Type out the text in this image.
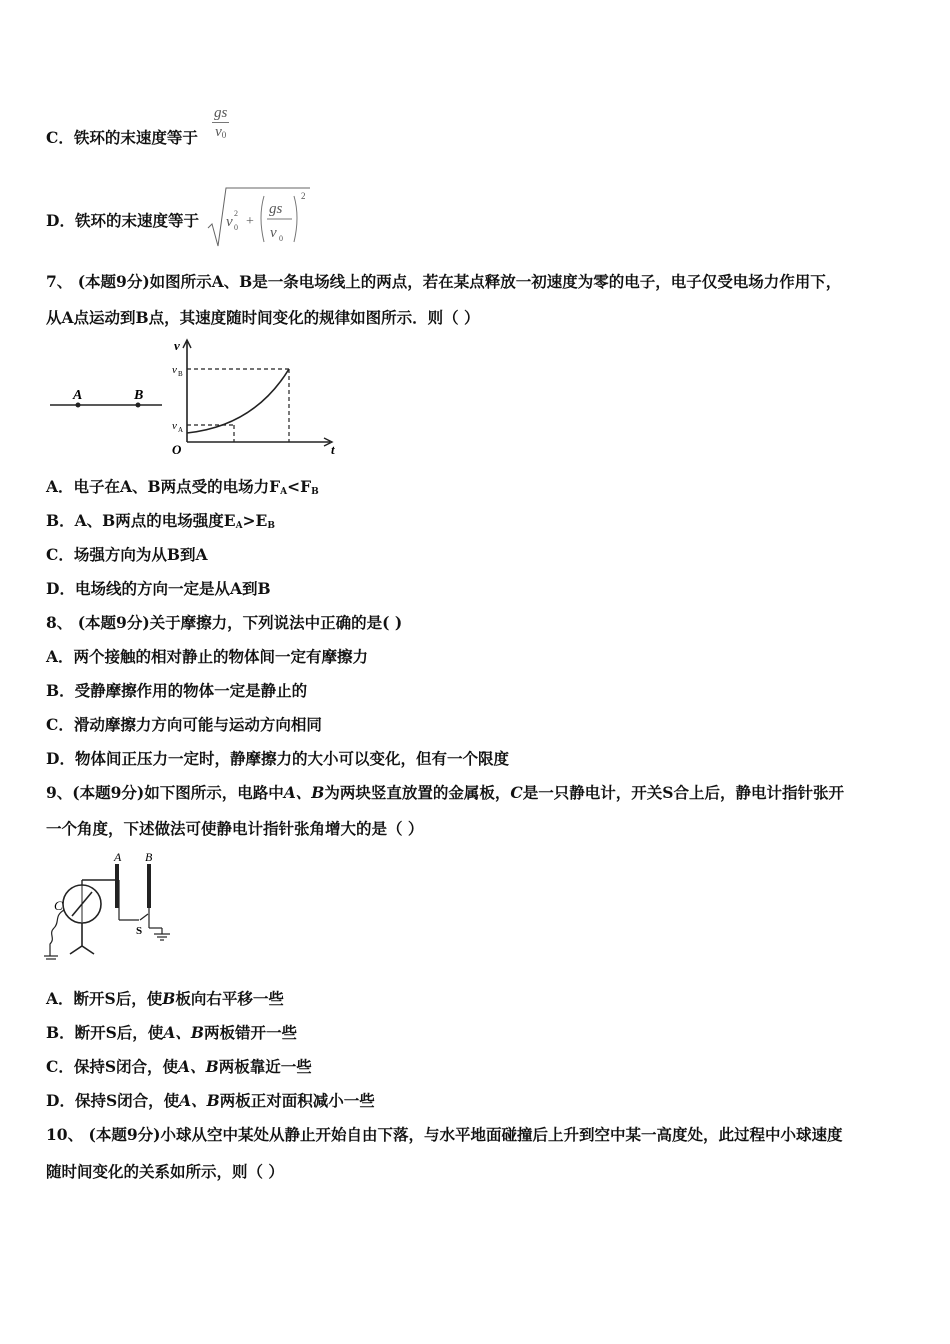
C．铁环的末速度等于 $\frac{gs}{v_0}$
D．铁环的末速度等于 v
2
0 +
gs
v 0
2
7、 (本题9分)如图所示A、B是一条电场线上的两点，若在某点释放一初速度为零的电子，电子仅受电场力作用下，
从A点运动到B点，其速度随时间变化的规律如图所示．则（ ）
A	B
v
t
O
v B
v A
A．电子在A、B两点受的电场力$F_A<F_B$
B．A、B两点的电场强度$E_A>E_B$
C．场强方向为从B到A
D．电场线的方向一定是从A到B
8、 (本题9分)关于摩擦力，下列说法中正确的是( )
A．两个接触的相对静止的物体间一定有摩擦力
B．受静摩擦作用的物体一定是静止的
C．滑动摩擦力方向可能与运动方向相同
D．物体间正压力一定时，静摩擦力的大小可以变化，但有一个限度
9、(本题9分)如下图所示，电路中A、B为两块竖直放置的金属板，C是一只静电计，开关S合上后，静电计指针张开
一个角度，下述做法可使静电计指针张角增大的是（ ）
A B
C
S
A．断开S后，使B板向右平移一些
B．断开S后，使A、B两板错开一些
C．保持S闭合，使A、B两板靠近一些
D．保持S闭合，使A、B两板正对面积减小一些
10、 (本题9分)小球从空中某处从静止开始自由下落，与水平地面碰撞后上升到空中某一高度处，此过程中小球速度
随时间变化的关系如所示，则（ ）
